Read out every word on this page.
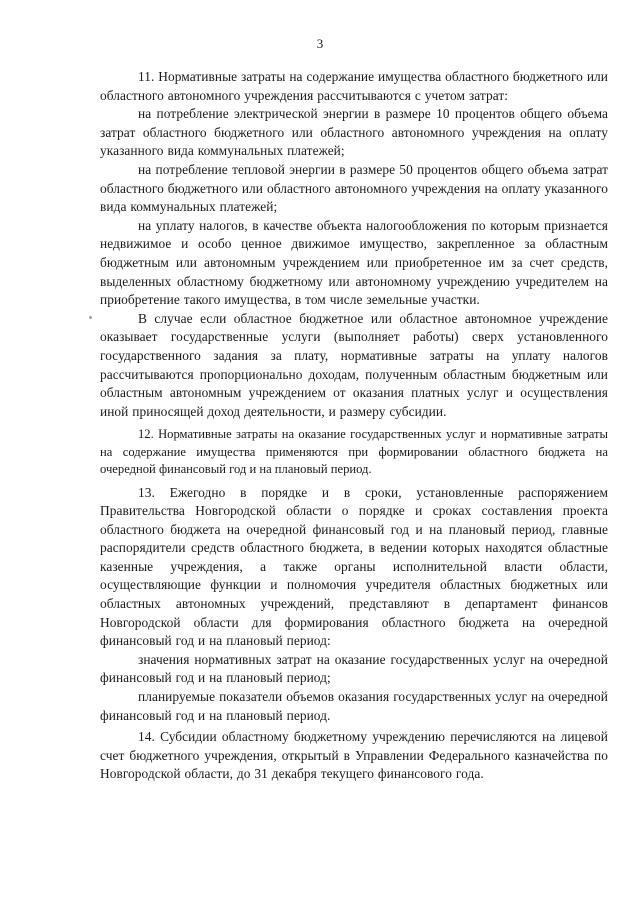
3

11. Нормативные затраты на содержание имущества областного бюджетного или областного автономного учреждения рассчитываются с учетом затрат:

на потребление электрической энергии в размере 10 процентов общего объема затрат областного бюджетного или областного автономного учреждения на оплату указанного вида коммунальных платежей;

на потребление тепловой энергии в размере 50 процентов общего объема затрат областного бюджетного или областного автономного учреждения на оплату указанного вида коммунальных платежей;

на уплату налогов, в качестве объекта налогообложения по которым признается недвижимое и особо ценное движимое имущество, закрепленное за областным бюджетным или автономным учреждением или приобретенное им за счет средств, выделенных областному бюджетному или автономному учреждению учредителем на приобретение такого имущества, в том числе земельные участки.

В случае если областное бюджетное или областное автономное учреждение оказывает государственные услуги (выполняет работы) сверх установленного государственного задания за плату, нормативные затраты на уплату налогов рассчитываются пропорционально доходам, полученным областным бюджетным или областным автономным учреждением от оказания платных услуг и осуществления иной приносящей доход деятельности, и размеру субсидии.

12. Нормативные затраты на оказание государственных услуг и нормативные затраты на содержание имущества применяются при формировании областного бюджета на очередной финансовый год и на плановый период.

13. Ежегодно в порядке и в сроки, установленные распоряжением Правительства Новгородской области о порядке и сроках составления проекта областного бюджета на очередной финансовый год и на плановый период, главные распорядители средств областного бюджета, в ведении которых находятся областные казенные учреждения, а также органы исполнительной власти области, осуществляющие функции и полномочия учредителя областных бюджетных или областных автономных учреждений, представляют в департамент финансов Новгородской области для формирования областного бюджета на очередной финансовый год и на плановый период:

значения нормативных затрат на оказание государственных услуг на очередной финансовый год и на плановый период;

планируемые показатели объемов оказания государственных услуг на очередной финансовый год и на плановый период.

14. Субсидии областному бюджетному учреждению перечисляются на лицевой счет бюджетного учреждения, открытый в Управлении Федерального казначейства по Новгородской области, до 31 декабря текущего финансового года.
